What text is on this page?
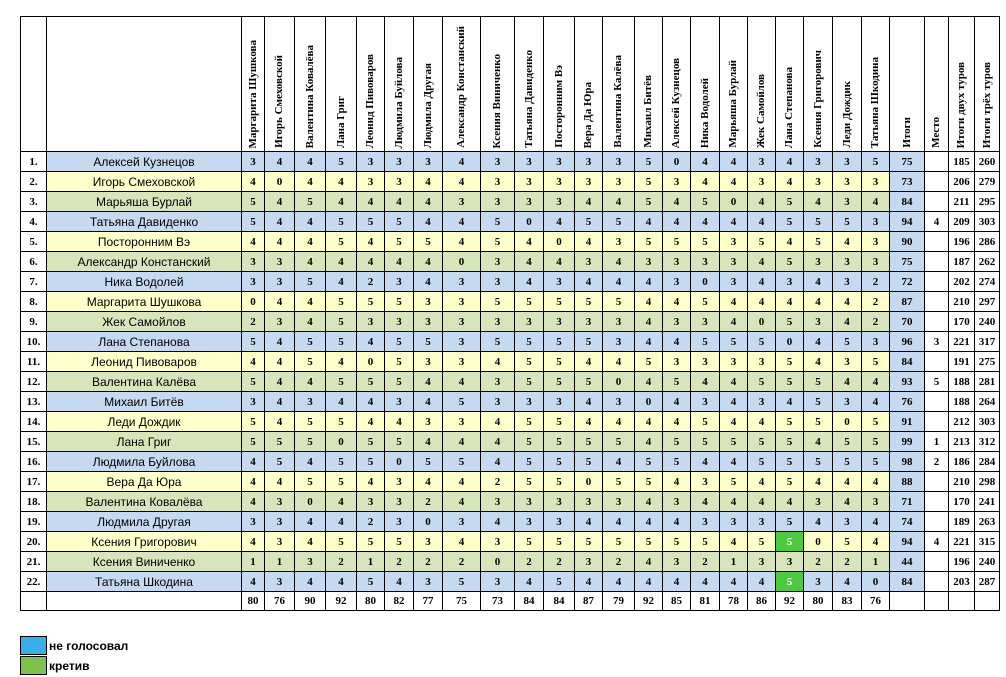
		Маргарита Шушкова	Игорь Смеховской	Валентина Ковалёва	Лана Григ	Леонид Пивоваров	Людмила Буйлова	Людмила Другая	Александр Констанский	Ксения Виниченко	Татьяна Давиденко	Посторонним Вэ	Вера Да Юра	Валентина Калёва	Михаил Битёв	Алексей Кузнецов	Ника Водолей	Марьяша Бурлай	Жек Самойлов	Лана Степанова	Ксения Григорович	Леди Дождик	Татьяна Шкодина	Итоги	Место	Итоги двух туров	Итоги трёх туров
1.	Алексей Кузнецов	3	4	4	5	3	3	3	4	3	3	3	3	3	5	0	4	4	3	4	3	3	5	75		185	260
2.	Игорь Смеховской	4	0	4	4	3	3	4	4	3	3	3	3	3	5	3	4	4	3	4	3	3	3	73		206	279
3.	Марьяша Бурлай	5	4	5	4	4	4	4	3	3	3	3	4	4	5	4	5	0	4	5	4	3	4	84		211	295
4.	Татьяна Давиденко	5	4	4	5	5	5	4	4	5	0	4	5	5	4	4	4	4	4	5	5	5	3	94	4	209	303
5.	Посторонним Вэ	4	4	4	5	4	5	5	4	5	4	0	4	3	5	5	5	3	5	4	5	4	3	90		196	286
6.	Александр Констанский	3	3	4	4	4	4	4	0	3	4	4	3	4	3	3	3	3	4	5	3	3	3	75		187	262
7.	Ника Водолей	3	3	5	4	2	3	4	3	3	4	3	4	4	4	3	0	3	4	3	4	3	2	72		202	274
8.	Маргарита Шушкова	0	4	4	5	5	5	3	3	5	5	5	5	5	4	4	5	4	4	4	4	4	2	87		210	297
9.	Жек Самойлов	2	3	4	5	3	3	3	3	3	3	3	3	3	4	3	3	4	0	5	3	4	2	70		170	240
10.	Лана Степанова	5	4	5	5	4	5	5	3	5	5	5	5	3	4	4	5	5	5	0	4	5	3	96	3	221	317
11.	Леонид Пивоваров	4	4	5	4	0	5	3	3	4	5	5	4	4	5	3	3	3	3	5	4	3	5	84		191	275
12.	Валентина Калёва	5	4	4	5	5	5	4	4	3	5	5	5	0	4	5	4	4	5	5	5	4	4	93	5	188	281
13.	Михаил Битёв	3	4	3	4	4	3	4	5	3	3	3	4	3	0	4	3	4	3	4	5	3	4	76		188	264
14.	Леди Дождик	5	4	5	5	4	4	3	3	4	5	5	4	4	4	4	5	4	4	5	5	0	5	91		212	303
15.	Лана Григ	5	5	5	0	5	5	4	4	4	5	5	5	5	4	5	5	5	5	5	4	5	5	99	1	213	312
16.	Людмила Буйлова	4	5	4	5	5	0	5	5	4	5	5	5	4	5	5	4	4	5	5	5	5	5	98	2	186	284
17.	Вера Да Юра	4	4	5	5	4	3	4	4	2	5	5	0	5	5	4	3	5	4	5	4	4	4	88		210	298
18.	Валентина Ковалёва	4	3	0	4	3	3	2	4	3	3	3	3	3	4	3	4	4	4	4	3	4	3	71		170	241
19.	Людмила Другая	3	3	4	4	2	3	0	3	4	3	3	4	4	4	4	3	3	3	5	4	3	4	74		189	263
20.	Ксения Григорович	4	3	4	5	5	5	3	4	3	5	5	5	5	5	5	5	4	5	5	0	5	4	94	4	221	315
21.	Ксения Виниченко	1	1	3	2	1	2	2	2	0	2	2	3	2	4	3	2	1	3	3	2	2	1	44		196	240
22.	Татьяна Шкодина	4	3	4	4	5	4	3	5	3	4	5	4	4	4	4	4	4	4	5	3	4	0	84		203	287
		80	76	90	92	80	82	77	75	73	84	84	87	79	92	85	81	78	86	92	80	83	76				
не голосовал
кретив
